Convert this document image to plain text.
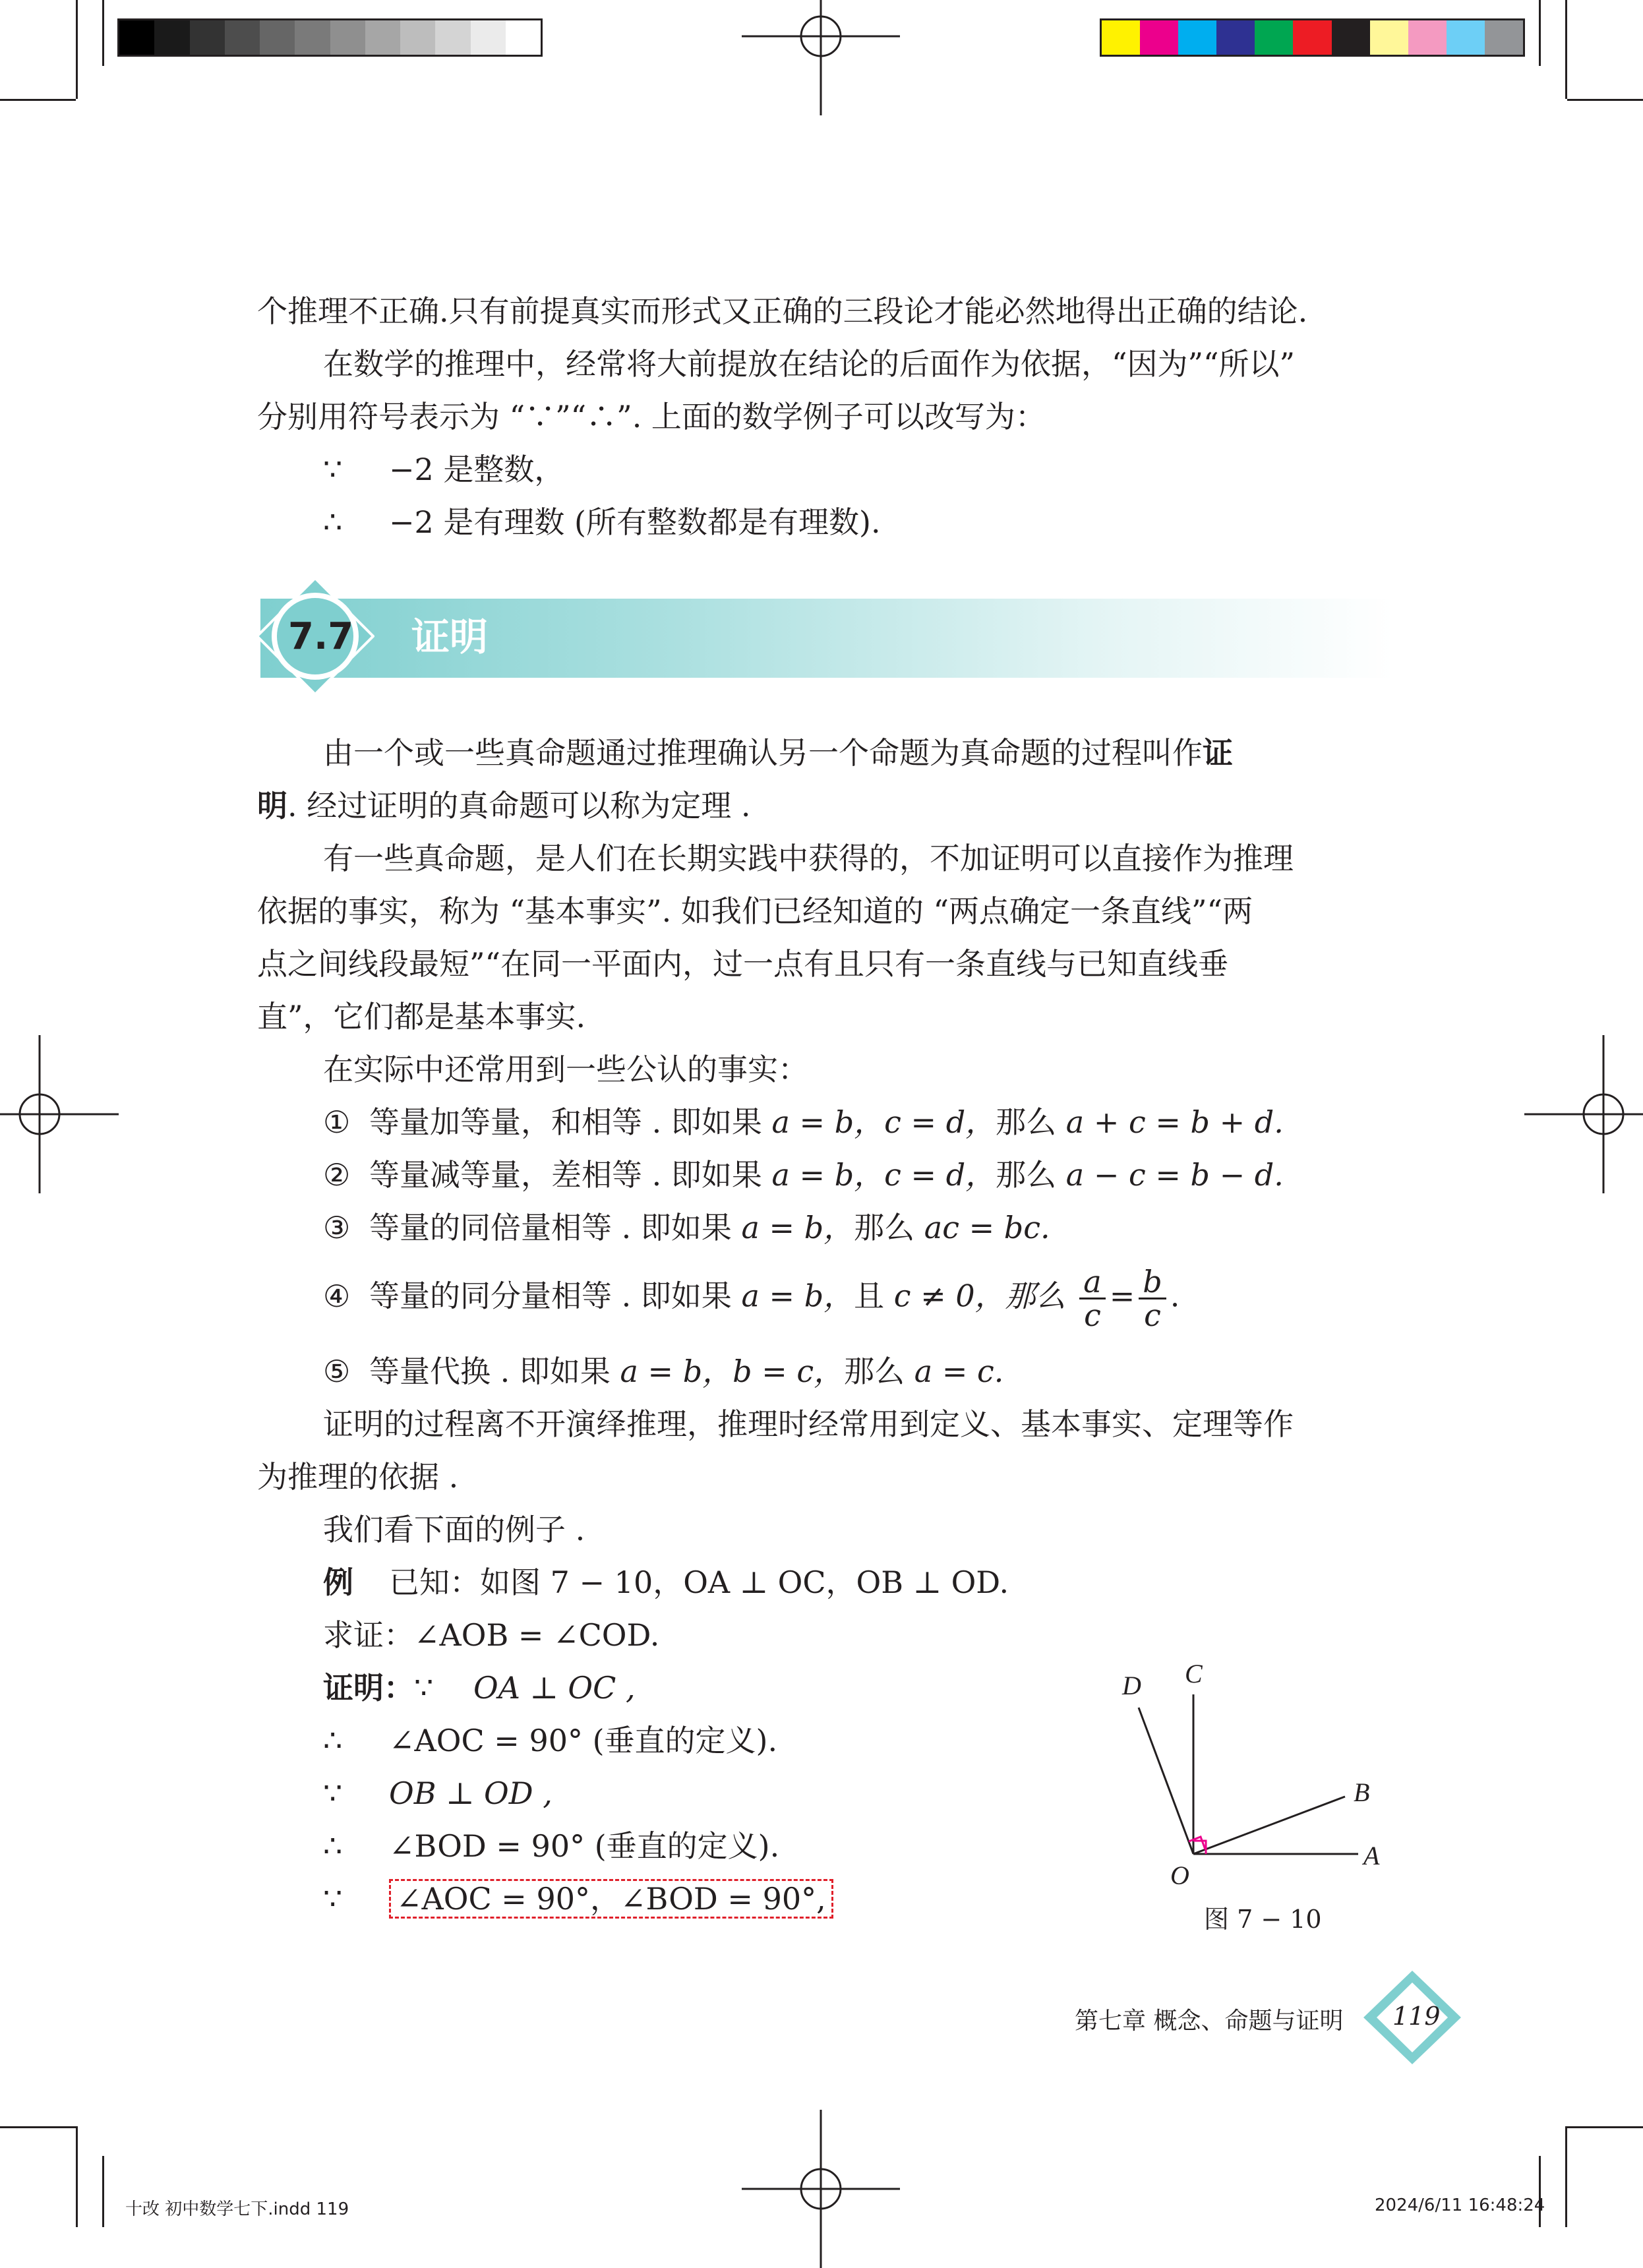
个推理不正确.只有前提真实而形式又正确的三段论才能必然地得出正确的结论.
在数学的推理中，经常将大前提放在结论的后面作为依据，“因为”“所以”
分别用符号表示为 “∵”“∴”. 上面的数学例子可以改写为：
∵ −2 是整数，
∴ −2 是有理数 (所有整数都是有理数).
7.7 证明
由一个或一些真命题通过推理确认另一个命题为真命题的过程叫作证
明. 经过证明的真命题可以称为定理 .
有一些真命题，是人们在长期实践中获得的，不加证明可以直接作为推理
依据的事实，称为 “基本事实”. 如我们已经知道的 “两点确定一条直线”“两
点之间线段最短”“在同一平面内，过一点有且只有一条直线与已知直线垂
直”，它们都是基本事实.
在实际中还常用到一些公认的事实：
① 等量加等量，和相等 . 即如果 a = b，c = d，那么 a + c = b + d.
② 等量减等量，差相等 . 即如果 a = b，c = d，那么 a − c = b − d.
③ 等量的同倍量相等 . 即如果 a = b，那么 ac = bc.
④ 等量的同分量相等 . 即如果 a = b，且 c ≠ 0，那么 $\frac{a}{c} = \frac{b}{c}$ .
⑤ 等量代换 . 即如果 a = b，b = c，那么 a = c.
证明的过程离不开演绎推理，推理时经常用到定义、基本事实、定理等作
为推理的依据 .
我们看下面的例子 .
例 已知：如图 7 − 10，OA ⊥ OC，OB ⊥ OD.
求证：∠AOB = ∠COD.
证明：∵ OA ⊥ OC ,
∴ ∠AOC = 90° (垂直的定义).
∵ OB ⊥ OD ,
∴ ∠BOD = 90° (垂直的定义).
∵ ∠AOC = 90°，∠BOD = 90°,
D C
B
A
O
图 7 − 10
第七章 概念、命题与证明 119
十改 初中数学七下.indd 119	2024/6/11 16:48:24
